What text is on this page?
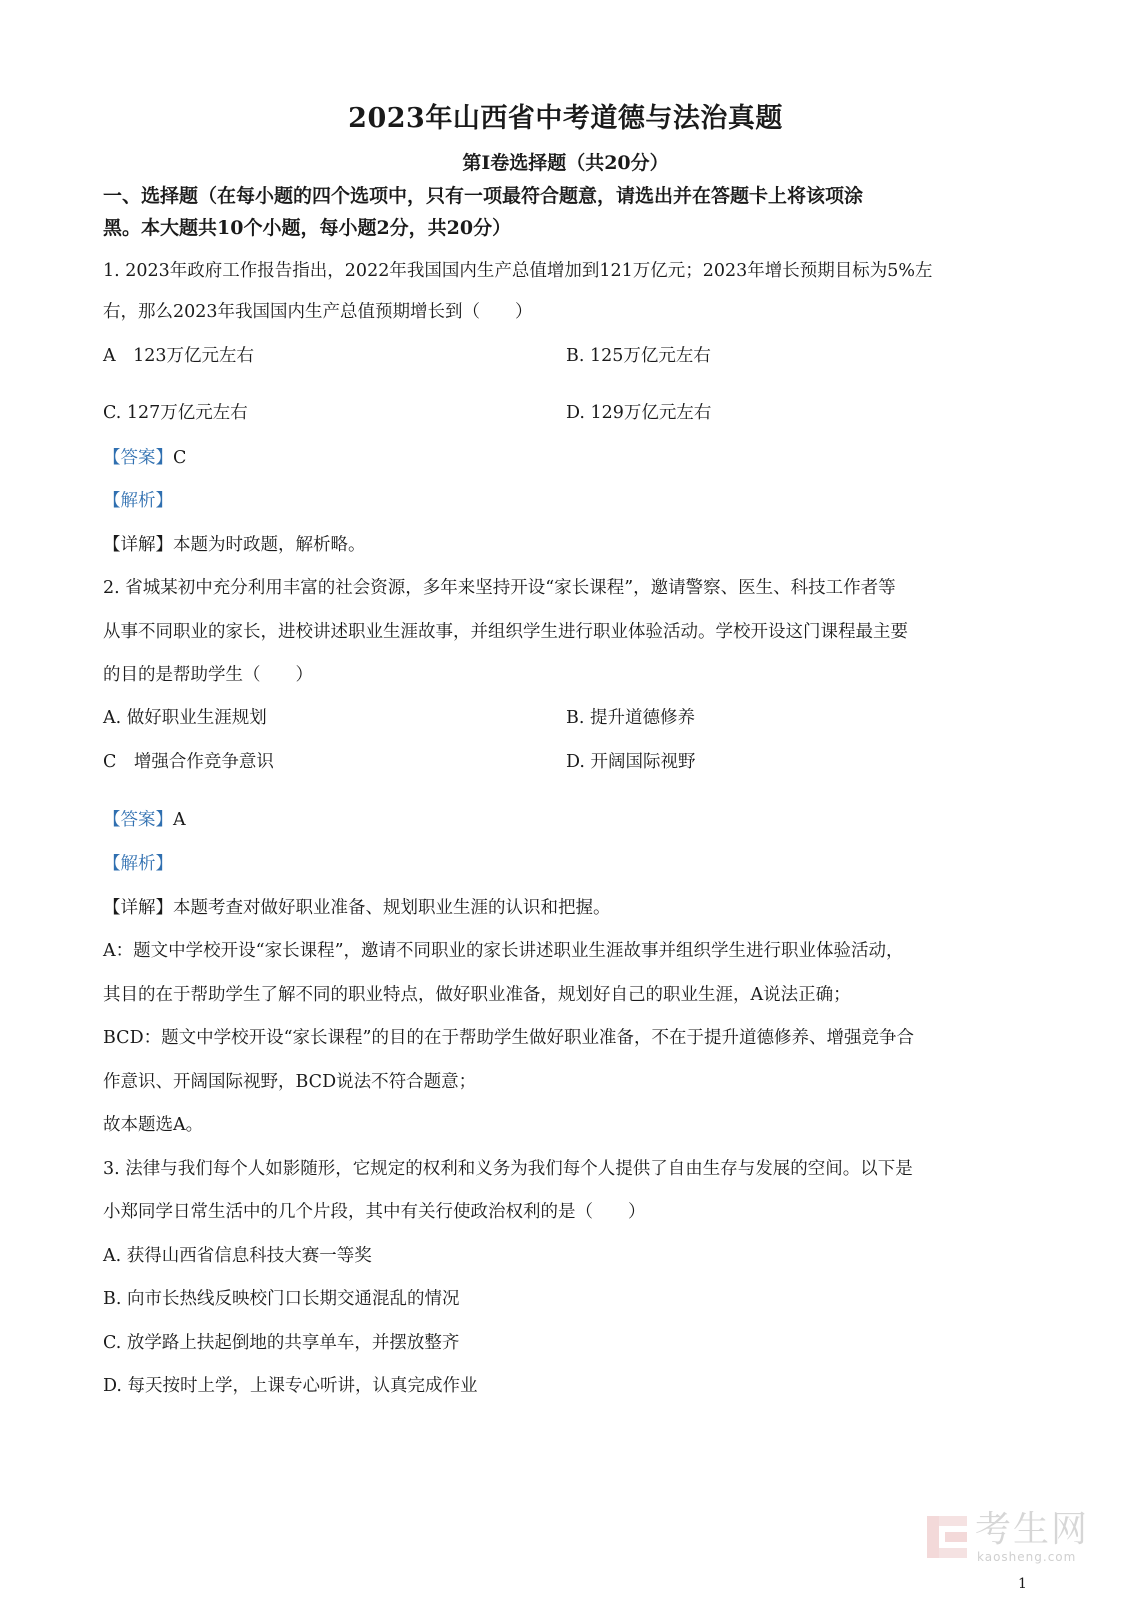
2023年山西省中考道德与法治真题
第Ⅰ卷选择题（共20分）
一、选择题（在每小题的四个选项中，只有一项最符合题意，请选出并在答题卡上将该项涂
黑。本大题共10个小题，每小题2分，共20分）
1. 2023年政府工作报告指出，2022年我国国内生产总值增加到121万亿元；2023年增长预期目标为5%左
右，那么2023年我国国内生产总值预期增长到（　　）
A　123万亿元左右	B. 125万亿元左右
C. 127万亿元左右	D. 129万亿元左右
【答案】C
【解析】
【详解】本题为时政题，解析略。
2. 省城某初中充分利用丰富的社会资源，多年来坚持开设“家长课程”，邀请警察、医生、科技工作者等
从事不同职业的家长，进校讲述职业生涯故事，并组织学生进行职业体验活动。学校开设这门课程最主要
的目的是帮助学生（　　）
A. 做好职业生涯规划	B. 提升道德修养
C　增强合作竞争意识	D. 开阔国际视野
【答案】A
【解析】
【详解】本题考查对做好职业准备、规划职业生涯的认识和把握。
A：题文中学校开设“家长课程”，邀请不同职业的家长讲述职业生涯故事并组织学生进行职业体验活动，
其目的在于帮助学生了解不同的职业特点，做好职业准备，规划好自己的职业生涯，A说法正确；
BCD：题文中学校开设“家长课程”的目的在于帮助学生做好职业准备，不在于提升道德修养、增强竞争合
作意识、开阔国际视野，BCD说法不符合题意；
故本题选A。
3. 法律与我们每个人如影随形，它规定的权利和义务为我们每个人提供了自由生存与发展的空间。以下是
小郑同学日常生活中的几个片段，其中有关行使政治权利的是（　　）
A. 获得山西省信息科技大赛一等奖
B. 向市长热线反映校门口长期交通混乱的情况
C. 放学路上扶起倒地的共享单车，并摆放整齐
D. 每天按时上学，上课专心听讲，认真完成作业
考生网
kaosheng.com
1
